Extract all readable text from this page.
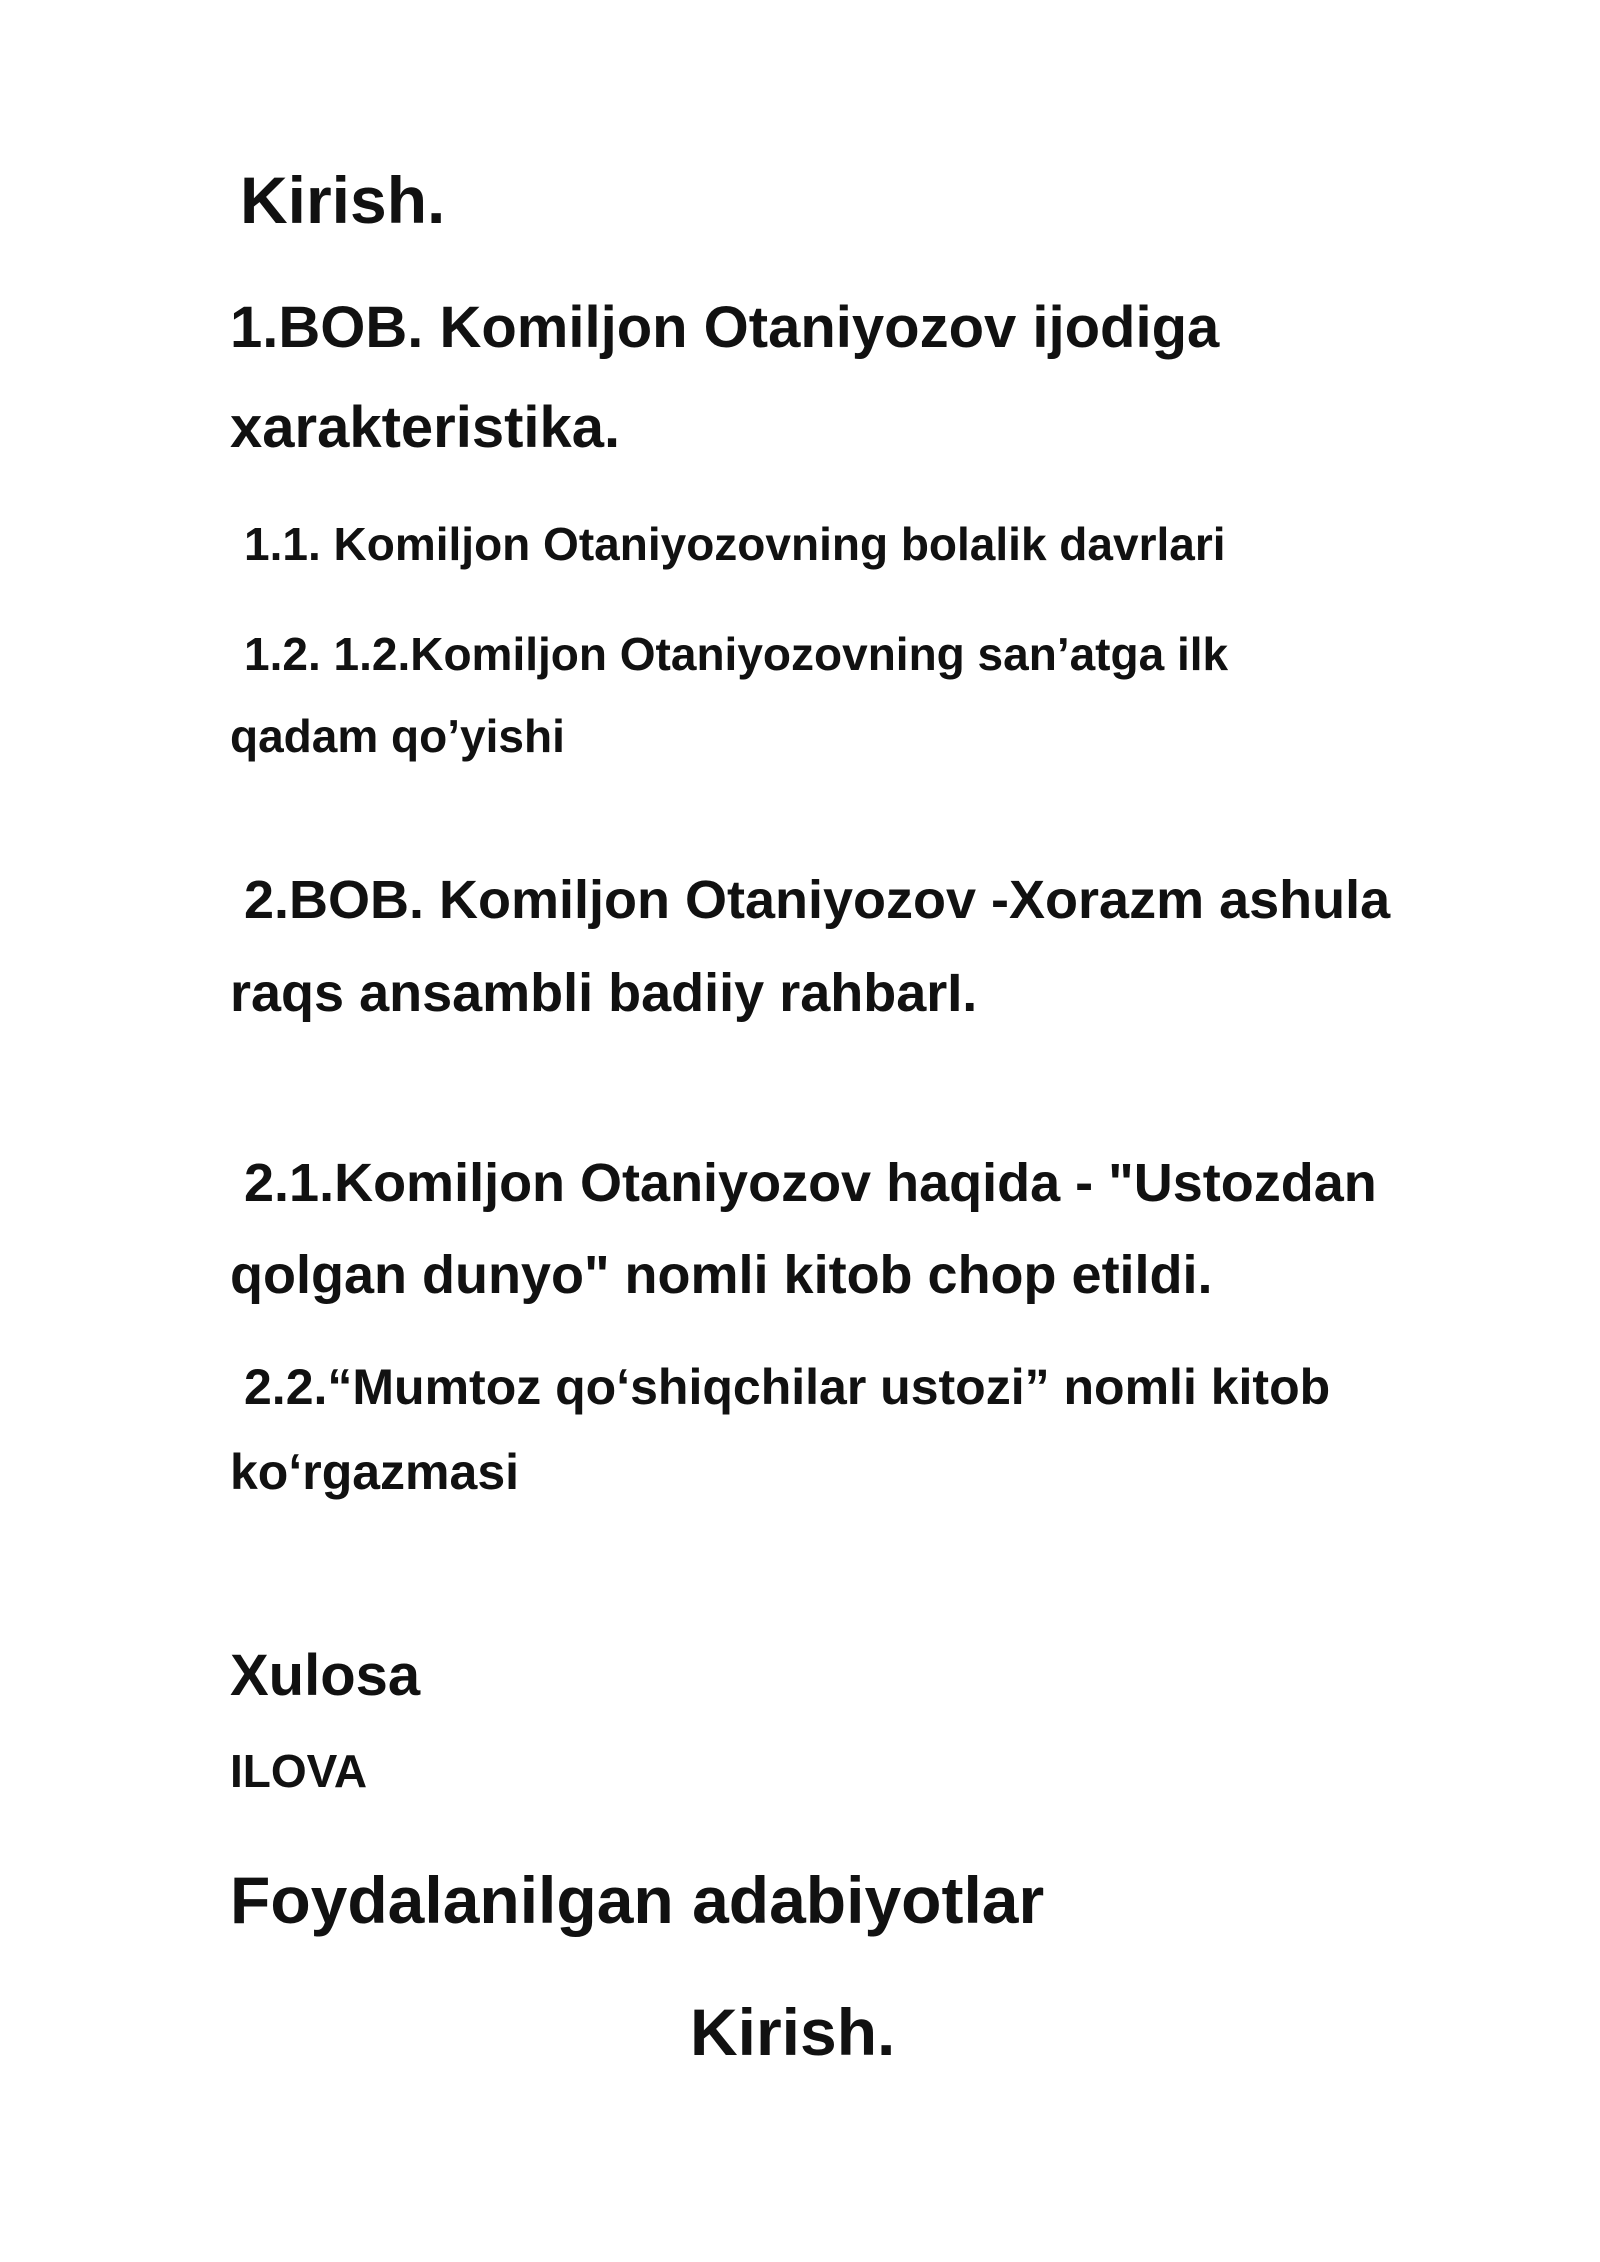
Kirish.

1.BOB. Komiljon Otaniyozov ijodiga

xarakteristika.

1.1. Komiljon Otaniyozovning bolalik davrlari

1.2. 1.2.Komiljon Otaniyozovning san’atga ilk

qadam qo’yishi

2.BOB. Komiljon Otaniyozov -Xorazm ashula

raqs ansambli badiiy rahbarI.

2.1.Komiljon Otaniyozov haqida - "Ustozdan

qolgan dunyo" nomli kitob chop etildi.

2.2.“Mumtoz qo‘shiqchilar ustozi” nomli kitob

ko‘rgazmasi

Xulosa

ILOVA

Foydalanilgan adabiyotlar

Kirish.
